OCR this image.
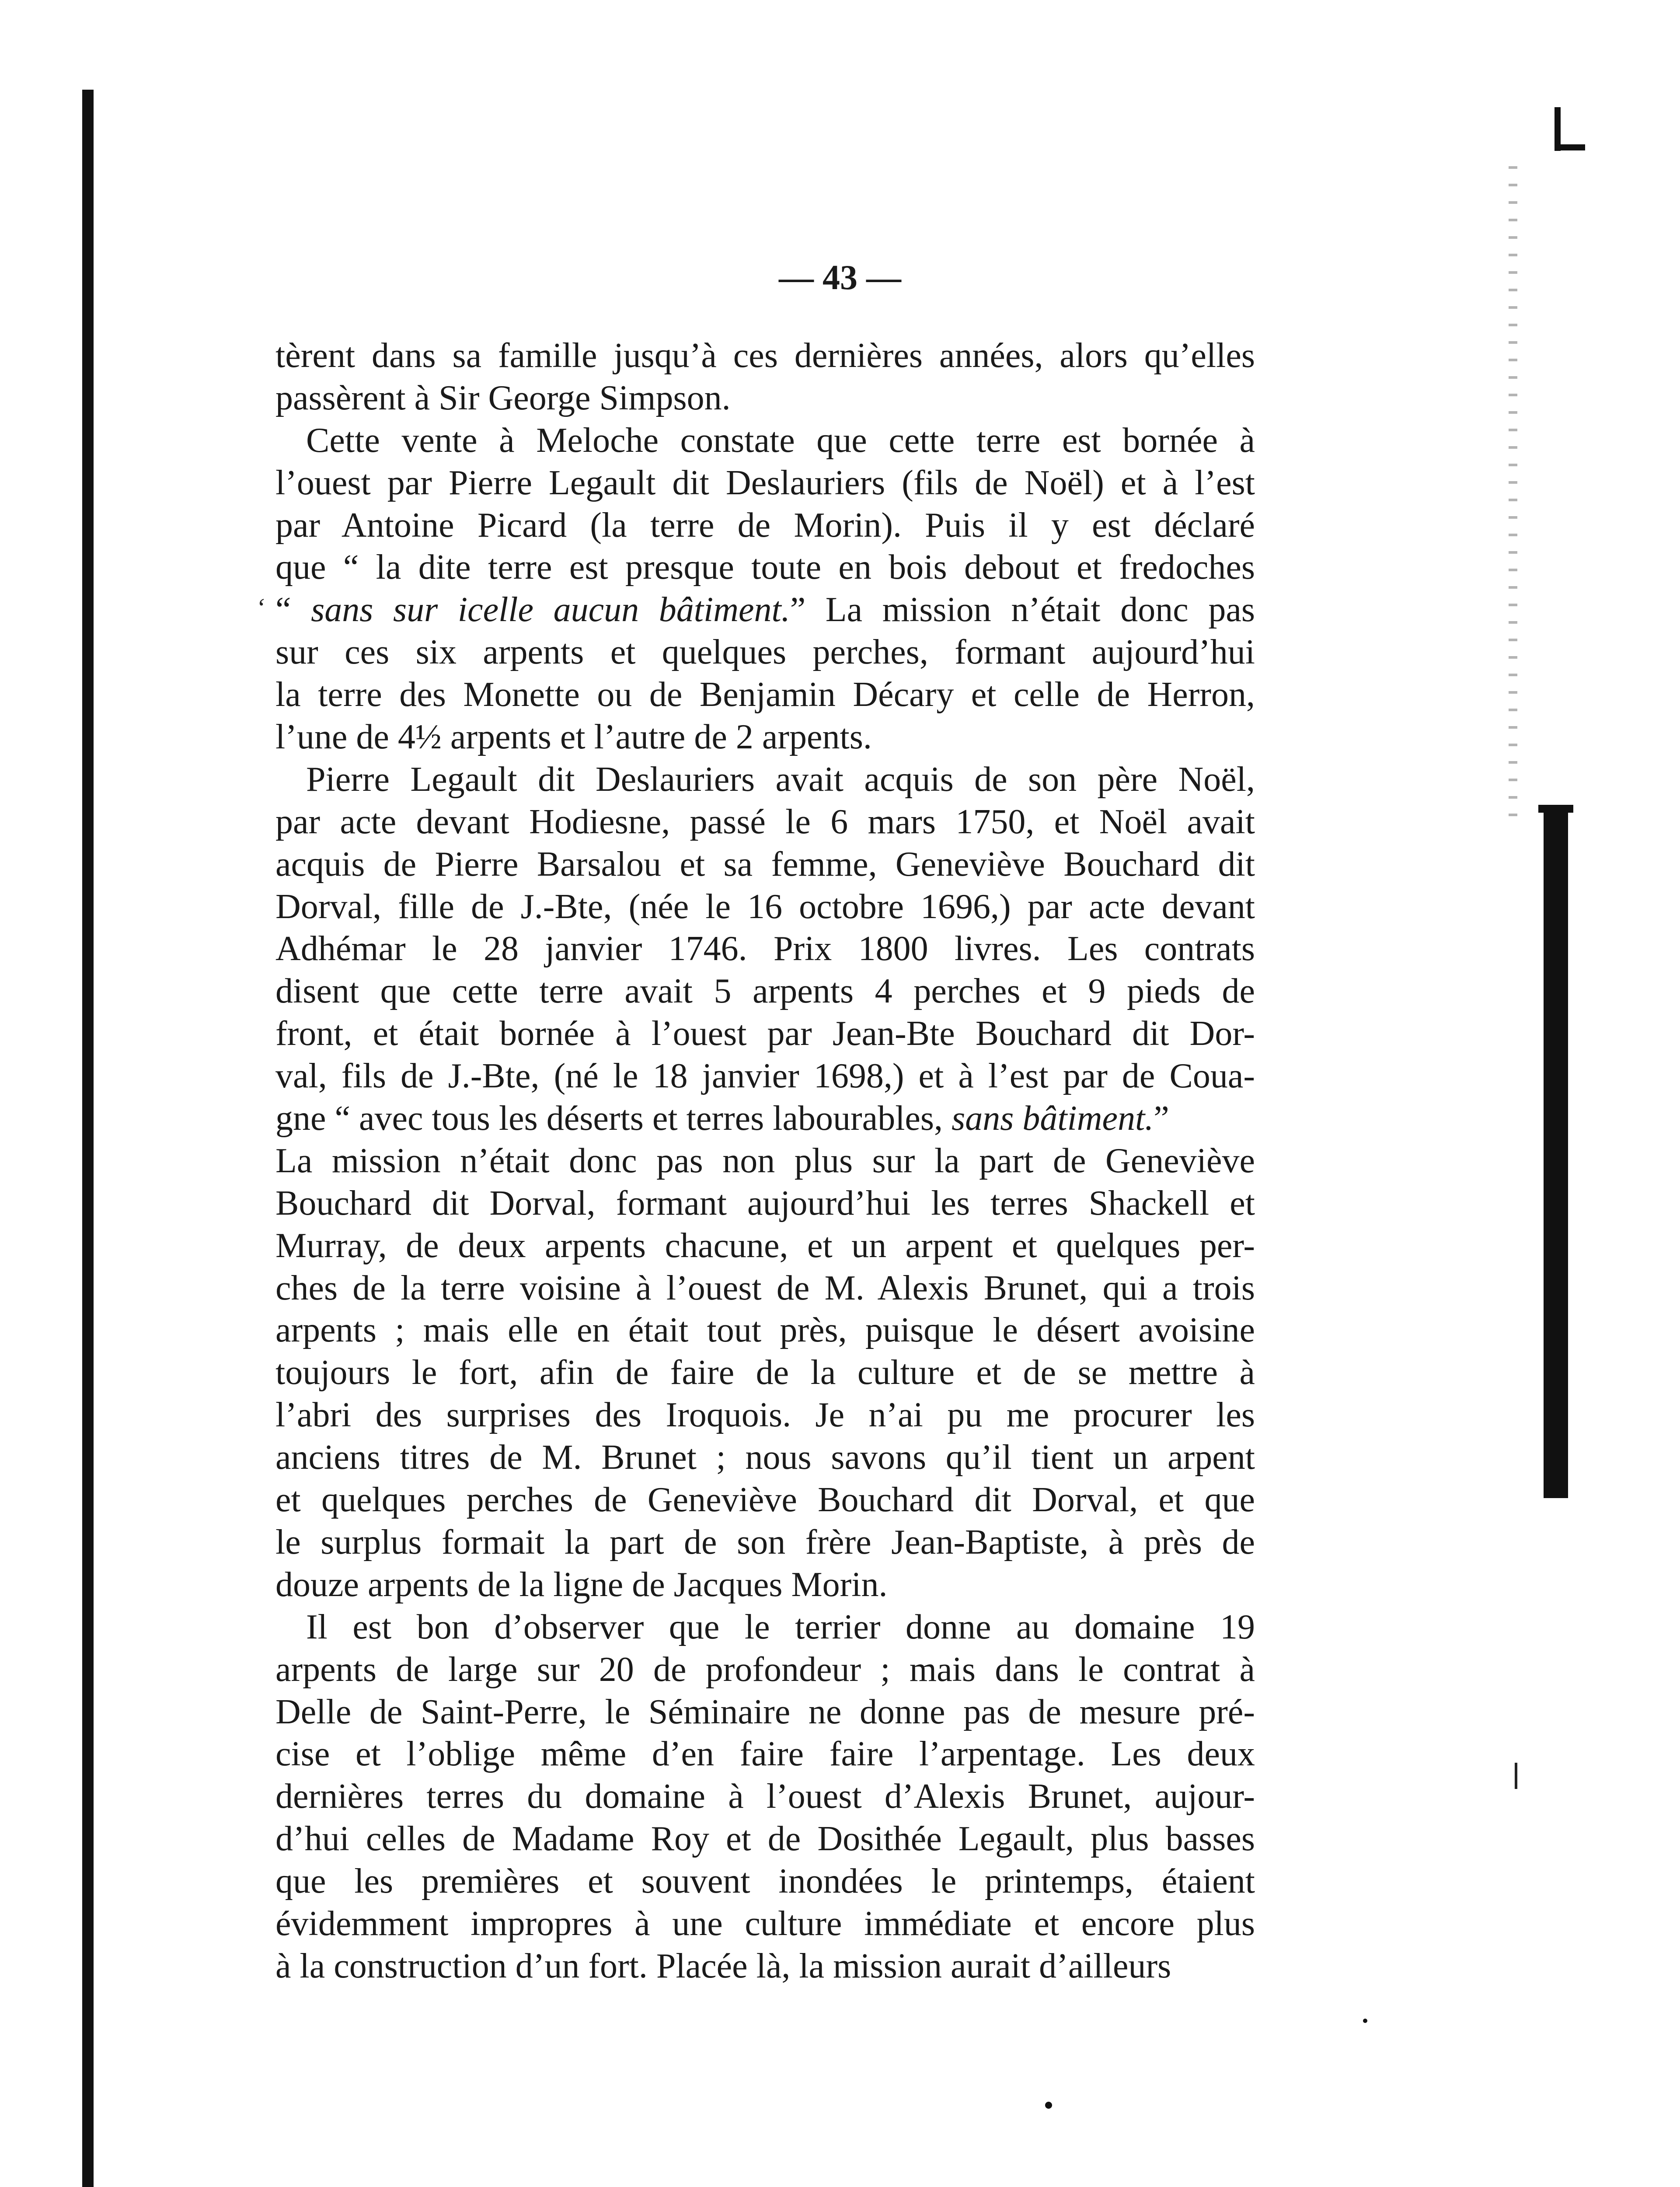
— 43 —
‘
tèrent dans sa famille jusqu’à ces dernières années, alors qu’elles
passèrent à Sir George Simpson.
Cette vente à Meloche constate que cette terre est bornée à
l’ouest par Pierre Legault dit Deslauriers (fils de Noël) et à l’est
par Antoine Picard (la terre de Morin). Puis il y est déclaré
que “ la dite terre est presque toute en bois debout et fredoches
“ sans sur icelle aucun bâtiment.” La mission n’était donc pas
sur ces six arpents et quelques perches, formant aujourd’hui
la terre des Monette ou de Benjamin Décary et celle de Herron,
l’une de 4½ arpents et l’autre de 2 arpents.
Pierre Legault dit Deslauriers avait acquis de son père Noël,
par acte devant Hodiesne, passé le 6 mars 1750, et Noël avait
acquis de Pierre Barsalou et sa femme, Geneviève Bouchard dit
Dorval, fille de J.-Bte, (née le 16 octobre 1696,) par acte devant
Adhémar le 28 janvier 1746. Prix 1800 livres. Les contrats
disent que cette terre avait 5 arpents 4 perches et 9 pieds de
front, et était bornée à l’ouest par Jean-Bte Bouchard dit Dor-
val, fils de J.-Bte, (né le 18 janvier 1698,) et à l’est par de Coua-
gne “ avec tous les déserts et terres labourables, sans bâtiment.”
La mission n’était donc pas non plus sur la part de Geneviève
Bouchard dit Dorval, formant aujourd’hui les terres Shackell et
Murray, de deux arpents chacune, et un arpent et quelques per-
ches de la terre voisine à l’ouest de M. Alexis Brunet, qui a trois
arpents ; mais elle en était tout près, puisque le désert avoisine
toujours le fort, afin de faire de la culture et de se mettre à
l’abri des surprises des Iroquois. Je n’ai pu me procurer les
anciens titres de M. Brunet ; nous savons qu’il tient un arpent
et quelques perches de Geneviève Bouchard dit Dorval, et que
le surplus formait la part de son frère Jean-Baptiste, à près de
douze arpents de la ligne de Jacques Morin.
Il est bon d’observer que le terrier donne au domaine 19
arpents de large sur 20 de profondeur ; mais dans le contrat à
Delle de Saint-Perre, le Séminaire ne donne pas de mesure pré-
cise et l’oblige même d’en faire faire l’arpentage. Les deux
dernières terres du domaine à l’ouest d’Alexis Brunet, aujour-
d’hui celles de Madame Roy et de Dosithée Legault, plus basses
que les premières et souvent inondées le printemps, étaient
évidemment impropres à une culture immédiate et encore plus
à la construction d’un fort. Placée là, la mission aurait d’ailleurs
